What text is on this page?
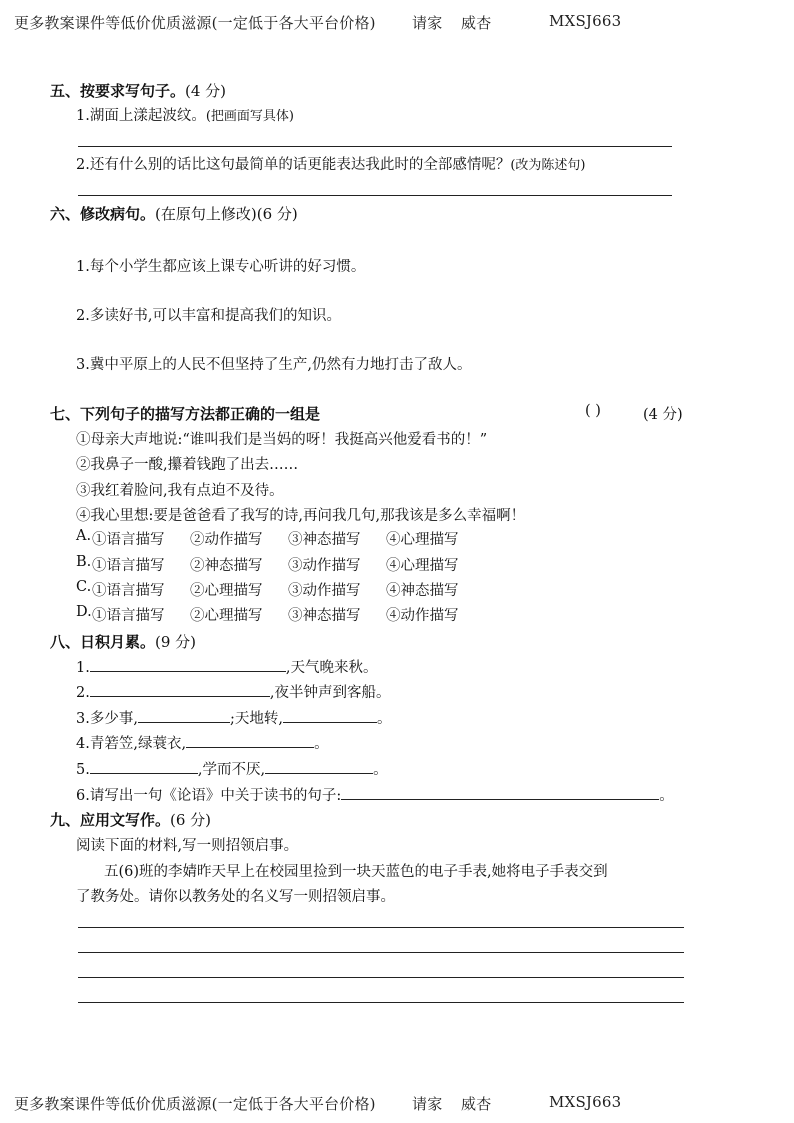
更多教案课件等低价优质滋源(一定低于各大平台价格) 请家 威杏	MXSJ663
五、按要求写句子。(4 分)
1.湖面上漾起波纹。(把画面写具体)
2.还有什么别的话比这句最简单的话更能表达我此时的全部感情呢？(改为陈述句)
六、修改病句。(在原句上修改)(6 分)
1.每个小学生都应该上课专心听讲的好习惯。
2.多读好书,可以丰富和提高我们的知识。
3.冀中平原上的人民不但坚持了生产,仍然有力地打击了敌人。
七、下列句子的描写方法都正确的一组是	( )	(4 分)
①母亲大声地说:“谁叫我们是当妈的呀！我挺高兴他爱看书的！”
②我鼻子一酸,攥着钱跑了出去……
③我红着脸问,我有点迫不及待。
④我心里想:要是爸爸看了我写的诗,再问我几句,那我该是多么幸福啊！
A. ①语言描写 ②动作描写 ③神态描写 ④心理描写
B. ①语言描写 ②神态描写 ③动作描写 ④心理描写
C. ①语言描写 ②心理描写 ③动作描写 ④神态描写
D. ①语言描写 ②心理描写 ③神态描写 ④动作描写
八、日积月累。(9 分)
1.	,天气晚来秋。
2.	,夜半钟声到客船。
3.多少事,	;天地转,	。
4.青箬笠,绿蓑衣,	。
5.	,学而不厌,	。
6.请写出一句《论语》中关于读书的句子:	。
九、应用文写作。(6 分)
阅读下面的材料,写一则招领启事。
五(6)班的李婧昨天早上在校园里捡到一块天蓝色的电子手表,她将电子手表交到
了教务处。请你以教务处的名义写一则招领启事。
更多教案课件等低价优质滋源(一定低于各大平台价格) 请家 威杏	MXSJ663
